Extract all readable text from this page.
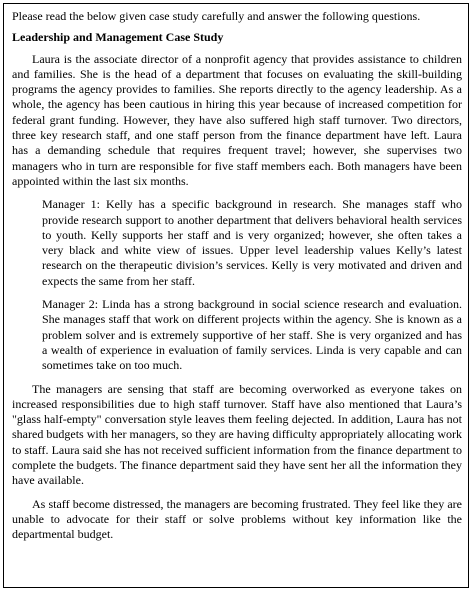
Please read the below given case study carefully and answer the following questions.

Leadership and Management Case Study

Laura is the associate director of a nonprofit agency that provides assistance to children and families. She is the head of a department that focuses on evaluating the skill-building programs the agency provides to families. She reports directly to the agency leadership. As a whole, the agency has been cautious in hiring this year because of increased competition for federal grant funding. However, they have also suffered high staff turnover. Two directors, three key research staff, and one staff person from the finance department have left. Laura has a demanding schedule that requires frequent travel; however, she supervises two managers who in turn are responsible for five staff members each. Both managers have been appointed within the last six months.

Manager 1: Kelly has a specific background in research. She manages staff who provide research support to another department that delivers behavioral health services to youth. Kelly supports her staff and is very organized; however, she often takes a very black and white view of issues. Upper level leadership values Kelly’s latest research on the therapeutic division’s services. Kelly is very motivated and driven and expects the same from her staff.

Manager 2: Linda has a strong background in social science research and evaluation. She manages staff that work on different projects within the agency. She is known as a problem solver and is extremely supportive of her staff. She is very organized and has a wealth of experience in evaluation of family services. Linda is very capable and can sometimes take on too much.

The managers are sensing that staff are becoming overworked as everyone takes on increased responsibilities due to high staff turnover. Staff have also mentioned that Laura’s "glass half-empty" conversation style leaves them feeling dejected. In addition, Laura has not shared budgets with her managers, so they are having difficulty appropriately allocating work to staff. Laura said she has not received sufficient information from the finance department to complete the budgets. The finance department said they have sent her all the information they have available.

As staff become distressed, the managers are becoming frustrated. They feel like they are unable to advocate for their staff or solve problems without key information like the departmental budget.
